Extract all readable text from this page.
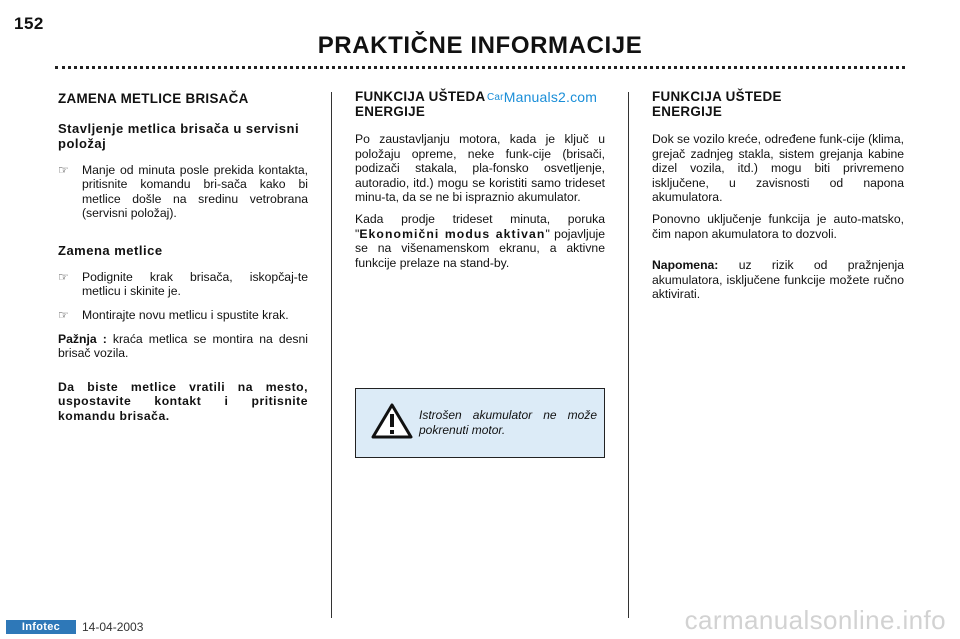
152
PRAKTIČNE INFORMACIJE
ZAMENA METLICE BRISAČA
Stavljenje metlica brisača u servisni položaj
☞ Manje od minuta posle prekida kontakta, pritisnite komandu bri-sača kako bi metlice došle na sredinu vetrobrana (servisni položaj).
Zamena metlice
☞ Podignite krak brisača, iskopčaj-te metlicu i skinite je.
☞ Montirajte novu metlicu i spustite krak.

Pažnja : kraća metlica se montira na desni brisač vozila.

Da biste metlice vratili na mesto, uspostavite kontakt i pritisnite komandu brisača.

FUNKCIJA UŠTEDA ENERGIJE

Po zaustavljanju motora, kada je ključ u položaju opreme, neke funk-cije (brisači, podizači stakala, pla-fonsko osvetljenje, autoradio, itd.) mogu se koristiti samo trideset minu-ta, da se ne bi ispraznio akumulator.

Kada prodje trideset minuta, poruka "Ekonomični modus aktivan" pojavljuje se na višenamenskom ekranu, a aktivne funkcije prelaze na stand-by.

CarManuals2.com
Istrošen akumulator ne može pokrenuti motor.
FUNKCIJA UŠTEDE ENERGIJE

Dok se vozilo kreće, određene funk-cije (klima, grejač zadnjeg stakla, sistem grejanja kabine dizel vozila, itd.) mogu biti privremeno isključene, u zavisnosti od napona akumulatora.

Ponovno uključenje funkcija je auto-matsko, čim napon akumulatora to dozvoli.

Napomena: uz rizik od pražnjenja akumulatora, isključene funkcije možete ručno aktivirati.

Infotec	14-04-2003	carmanualsonline.info
